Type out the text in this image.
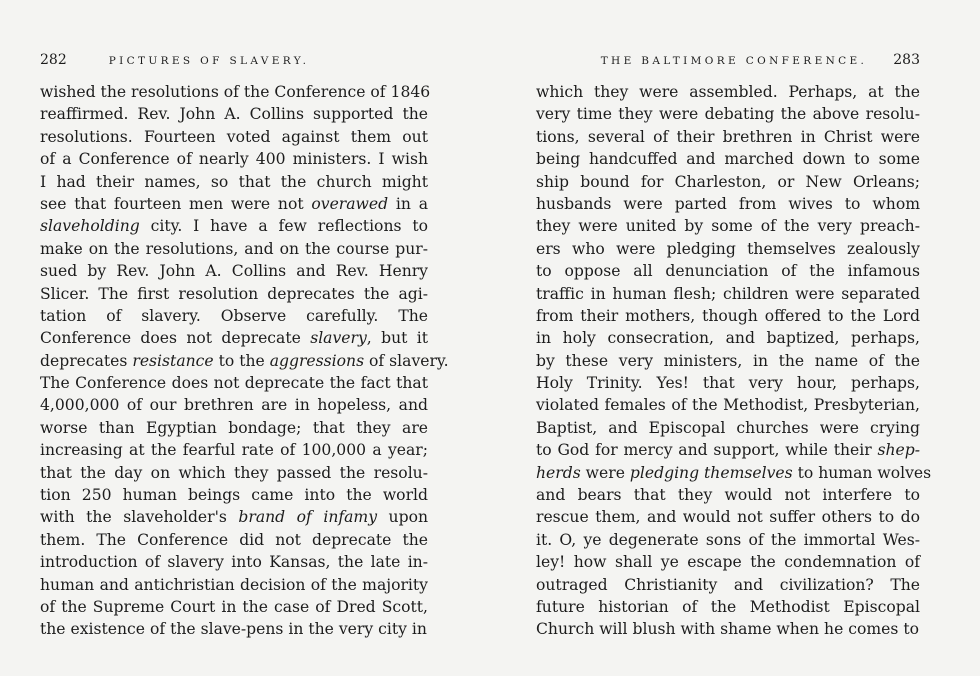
282	PICTURES OF SLAVERY.
wished the resolutions of the Conference of 1846
reaffirmed. Rev. John A. Collins supported the
resolutions. Fourteen voted against them out
of a Conference of nearly 400 ministers. I wish
I had their names, so that the church might
see that fourteen men were not overawed in a
slaveholding city. I have a few reflections to
make on the resolutions, and on the course pur-
sued by Rev. John A. Collins and Rev. Henry
Slicer. The first resolution deprecates the agi-
tation of slavery. Observe carefully. The
Conference does not deprecate slavery, but it
deprecates resistance to the aggressions of slavery.
The Conference does not deprecate the fact that
4,000,000 of our brethren are in hopeless, and
worse than Egyptian bondage; that they are
increasing at the fearful rate of 100,000 a year;
that the day on which they passed the resolu-
tion 250 human beings came into the world
with the slaveholder's brand of infamy upon
them. The Conference did not deprecate the
introduction of slavery into Kansas, the late in-
human and antichristian decision of the majority
of the Supreme Court in the case of Dred Scott,
the existence of the slave-pens in the very city in
THE BALTIMORE CONFERENCE. 283
which they were assembled. Perhaps, at the
very time they were debating the above resolu-
tions, several of their brethren in Christ were
being handcuffed and marched down to some
ship bound for Charleston, or New Orleans;
husbands were parted from wives to whom
they were united by some of the very preach-
ers who were pledging themselves zealously
to oppose all denunciation of the infamous
traffic in human flesh; children were separated
from their mothers, though offered to the Lord
in holy consecration, and baptized, perhaps,
by these very ministers, in the name of the
Holy Trinity. Yes! that very hour, perhaps,
violated females of the Methodist, Presbyterian,
Baptist, and Episcopal churches were crying
to God for mercy and support, while their shep-
herds were pledging themselves to human wolves
and bears that they would not interfere to
rescue them, and would not suffer others to do
it. O, ye degenerate sons of the immortal Wes-
ley! how shall ye escape the condemnation of
outraged Christianity and civilization? The
future historian of the Methodist Episcopal
Church will blush with shame when he comes to
